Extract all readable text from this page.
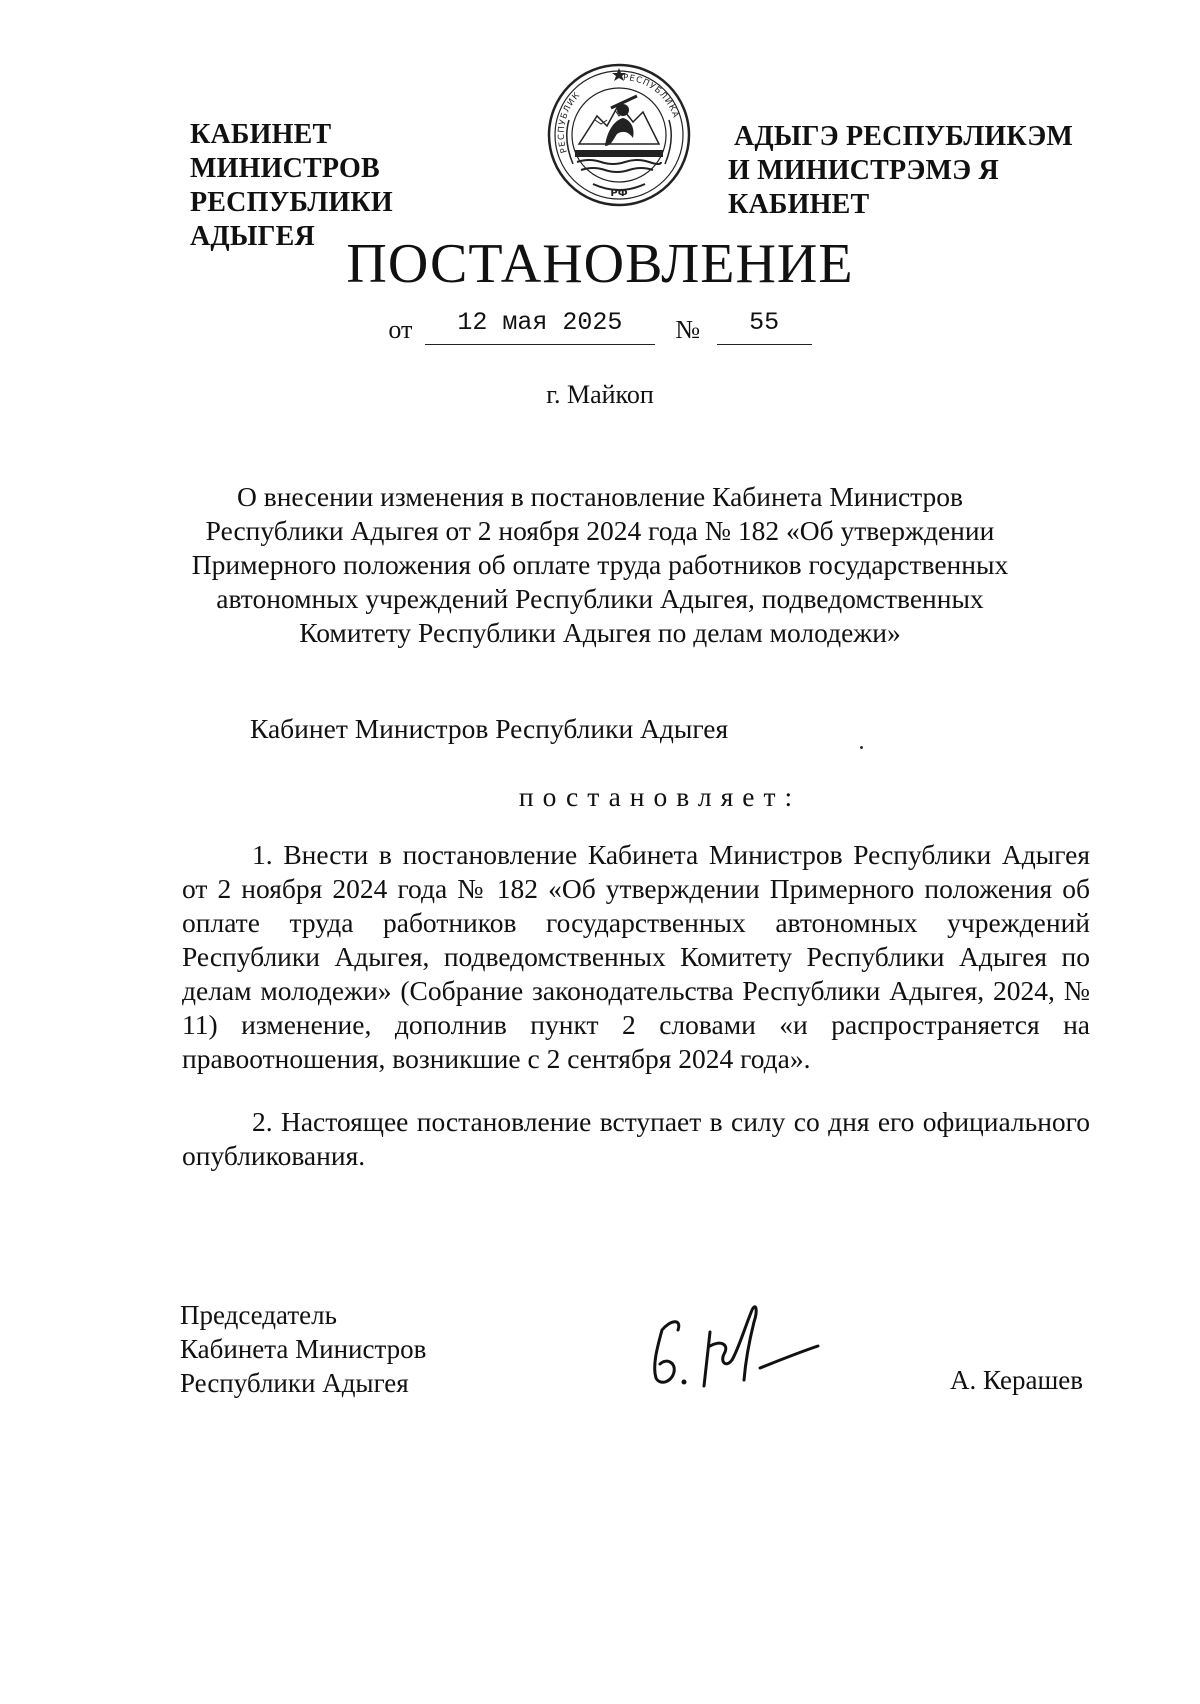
КАБИНЕТ МИНИСТРОВ
РЕСПУБЛИКИ АДЫГЕЯ
РЕСПУБЛИК
РЕСПУБЛИКА
РФ
АДЫГЭ РЕСПУБЛИКЭМ
И МИНИСТРЭМЭ Я КАБИНЕТ
ПОСТАНОВЛЕНИЕ
от 12 мая 2025 № 55
г. Майкоп
О внесении изменения в постановление Кабинета Министров
Республики Адыгея от 2 ноября 2024 года № 182 «Об утверждении
Примерного положения об оплате труда работников государственных
автономных учреждений Республики Адыгея, подведомственных
Комитету Республики Адыгея по делам молодежи»
Кабинет Министров Республики Адыгея
постановляет:

1. Внести в постановление Кабинета Министров Республики Адыгея от 2 ноября 2024 года № 182 «Об утверждении Примерного положения об оплате труда работников государственных автономных учреждений Республики Адыгея, подведомственных Комитету Республики Адыгея по делам молодежи» (Собрание законодательства Республики Адыгея, 2024, № 11) изменение, дополнив пункт 2 словами «и распространяется на правоотношения, возникшие с 2 сентября 2024 года».

2. Настоящее постановление вступает в силу со дня его официального опубликования.

Председатель
Кабинета Министров
Республики Адыгея	А. Керашев
